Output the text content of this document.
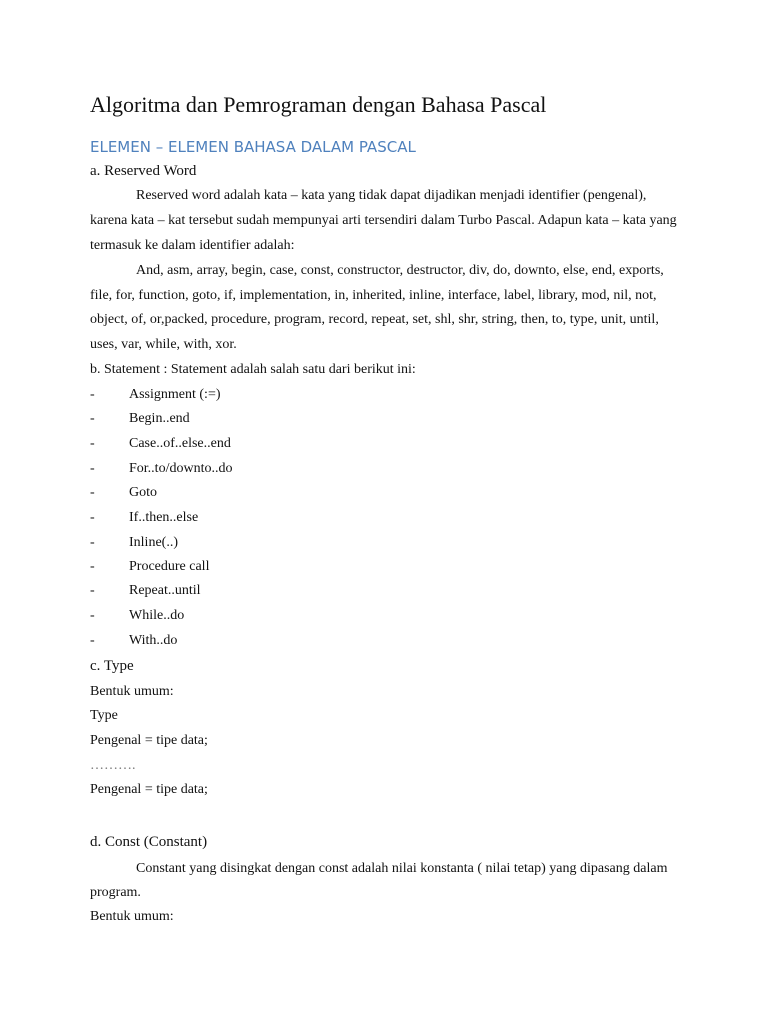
Algoritma dan Pemrograman dengan Bahasa Pascal
ELEMEN – ELEMEN BAHASA DALAM PASCAL

a. Reserved Word

Reserved word adalah kata – kata yang tidak dapat dijadikan menjadi identifier (pengenal),

karena kata – kat tersebut sudah mempunyai arti tersendiri dalam Turbo Pascal. Adapun kata – kata yang

termasuk ke dalam identifier adalah:

And, asm, array, begin, case, const, constructor, destructor, div, do, downto, else, end, exports,

file, for, function, goto, if, implementation, in, inherited, inline, interface, label, library, mod, nil, not,

object, of, or,packed, procedure, program, record, repeat, set, shl, shr, string, then, to, type, unit, until,

uses, var, while, with, xor.

b. Statement : Statement adalah salah satu dari berikut ini:

- Assignment (:=)
- Begin..end
- Case..of..else..end
- For..to/downto..do
- Goto
- If..then..else
- Inline(..)
- Procedure call
- Repeat..until
- While..do
- With..do

c. Type

Bentuk umum:

Type

Pengenal = tipe data;

……….

Pengenal = tipe data;

d. Const (Constant)

Constant yang disingkat dengan const adalah nilai konstanta ( nilai tetap) yang dipasang dalam

program.

Bentuk umum:
